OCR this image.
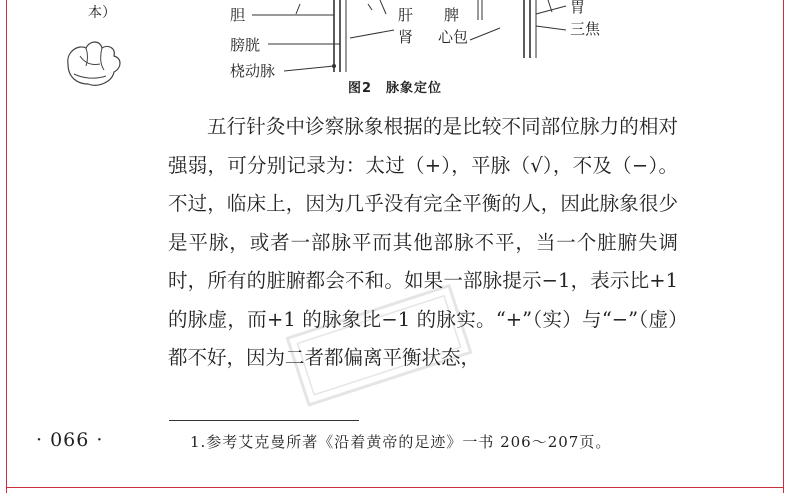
本）	胆
膀胱
桡动脉
肝
肾
脾
心包
胃
三焦
图2　脉象定位

五行针灸中诊察脉象根据的是比较不同部位脉力的相对强弱，可分别记录为：太过（+），平脉（√），不及（−）。不过，临床上，因为几乎没有完全平衡的人，因此脉象很少是平脉，或者一部脉平而其他部脉不平，当一个脏腑失调时，所有的脏腑都会不和。如果一部脉提示−1，表示比+1的脉虚，而+1 的脉象比−1 的脉实。“+”（实）与“−”（虚）都不好，因为二者都偏离平衡状态，

· 066 ·	1.参考艾克曼所著《沿着黄帝的足迹》一书 206～207页。
